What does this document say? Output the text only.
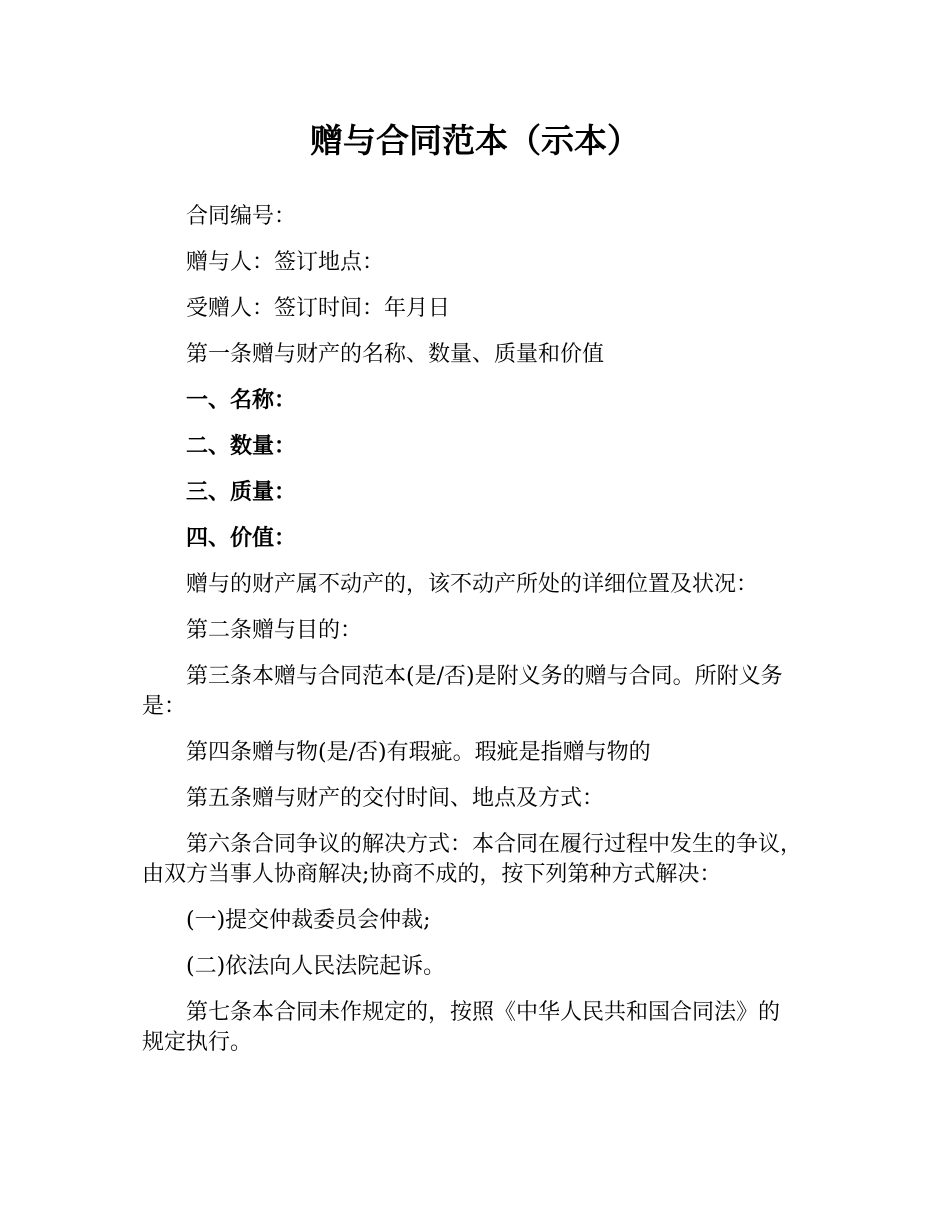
赠与合同范本（示本）

合同编号：

赠与人：签订地点：

受赠人：签订时间：年月日

第一条赠与财产的名称、数量、质量和价值

一、名称：

二、数量：

三、质量：

四、价值：

赠与的财产属不动产的，该不动产所处的详细位置及状况：

第二条赠与目的：

第三条本赠与合同范本(是/否)是附义务的赠与合同。所附义务是：

第四条赠与物(是/否)有瑕疵。瑕疵是指赠与物的

第五条赠与财产的交付时间、地点及方式：

第六条合同争议的解决方式：本合同在履行过程中发生的争议，由双方当事人协商解决;协商不成的，按下列第种方式解决：

(一)提交仲裁委员会仲裁;

(二)依法向人民法院起诉。

第七条本合同未作规定的，按照《中华人民共和国合同法》的规定执行。
